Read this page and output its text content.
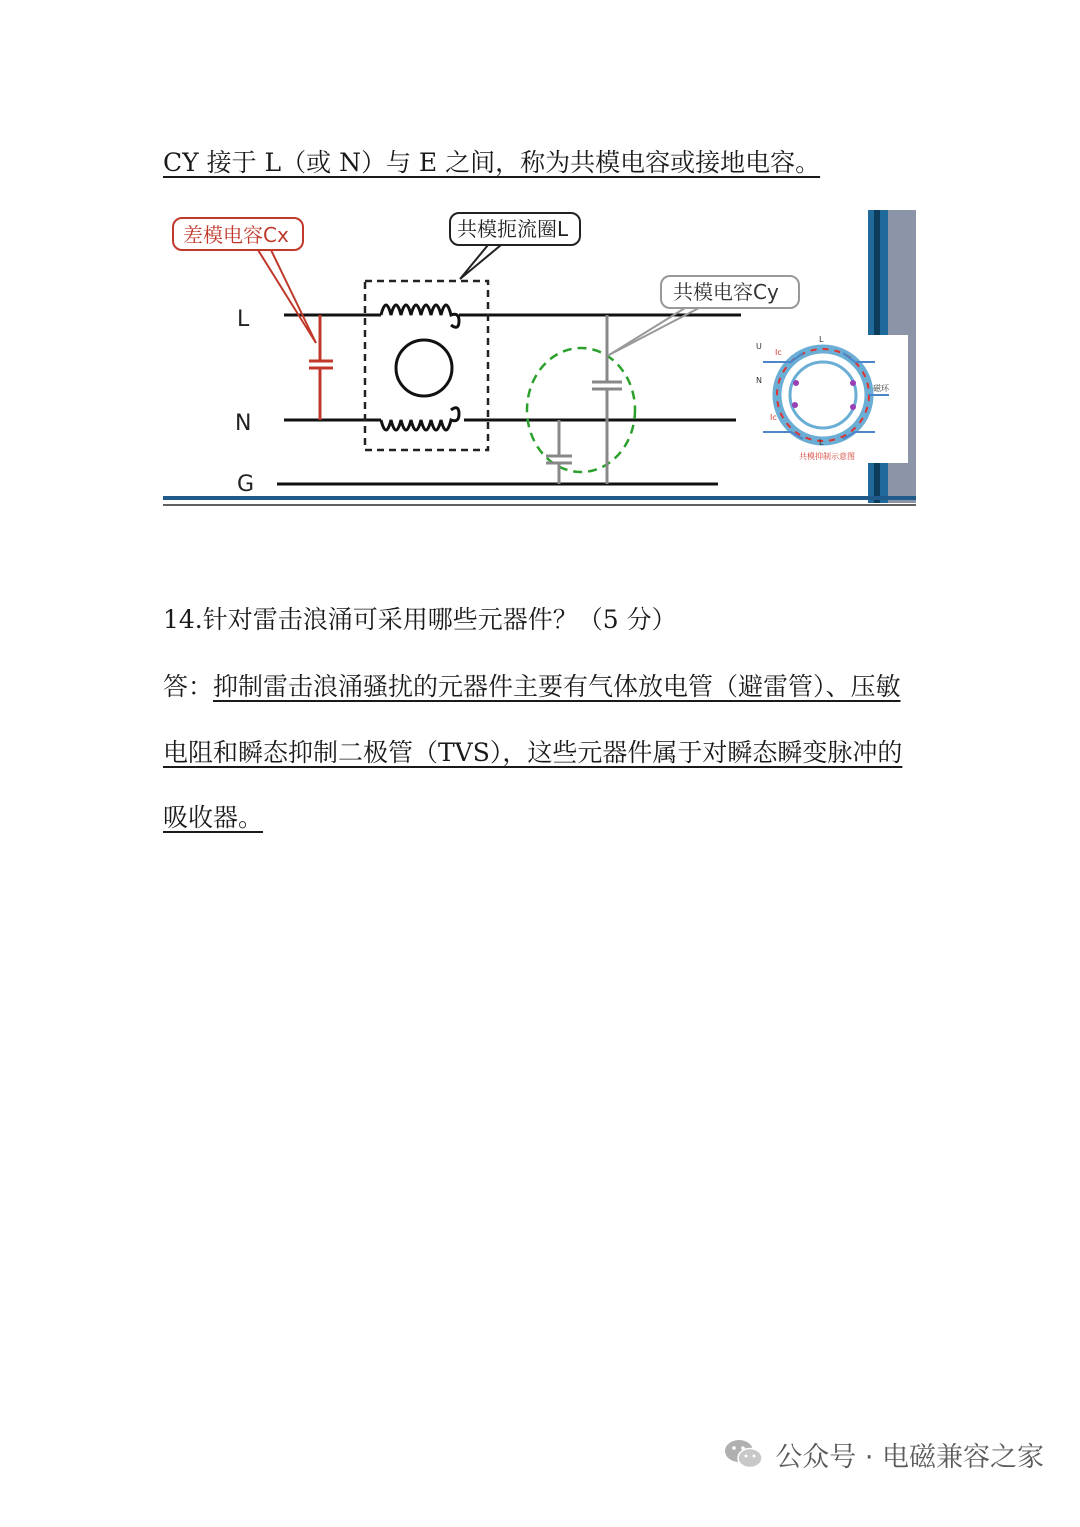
CY 接于 L（或 N）与 E 之间，称为共模电容或接地电容。
L
N
G
差模电容Cx	共模扼流圈L
共模电容Cy
Ic
Ic
L
L
U
N
磁环
共模抑制示意图
14.针对雷击浪涌可采用哪些元器件？（5 分）
答：抑制雷击浪涌骚扰的元器件主要有气体放电管（避雷管）、压敏
电阻和瞬态抑制二极管（TVS），这些元器件属于对瞬态瞬变脉冲的
吸收器。
公众号 · 电磁兼容之家
